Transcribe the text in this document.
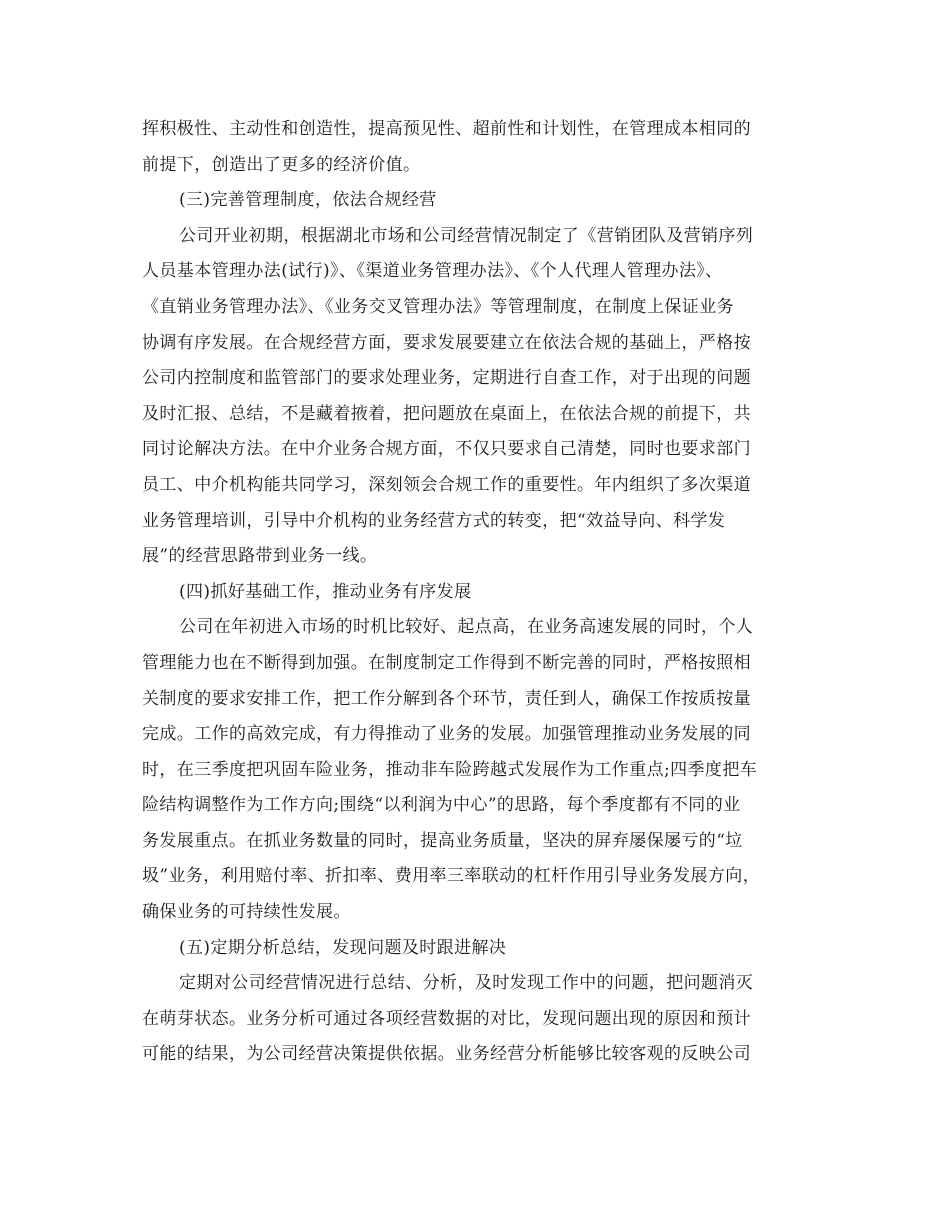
挥积极性、主动性和创造性，提高预见性、超前性和计划性，在管理成本相同的
前提下，创造出了更多的经济价值。
(三)完善管理制度，依法合规经营
公司开业初期，根据湖北市场和公司经营情况制定了《营销团队及营销序列
人员基本管理办法(试行)》、《渠道业务管理办法》、《个人代理人管理办法》、
《直销业务管理办法》、《业务交叉管理办法》等管理制度，在制度上保证业务
协调有序发展。在合规经营方面，要求发展要建立在依法合规的基础上，严格按
公司内控制度和监管部门的要求处理业务，定期进行自查工作，对于出现的问题
及时汇报、总结，不是藏着掖着，把问题放在桌面上，在依法合规的前提下，共
同讨论解决方法。在中介业务合规方面，不仅只要求自己清楚，同时也要求部门
员工、中介机构能共同学习，深刻领会合规工作的重要性。年内组织了多次渠道
业务管理培训，引导中介机构的业务经营方式的转变，把“效益导向、科学发
展”的经营思路带到业务一线。
(四)抓好基础工作，推动业务有序发展
公司在年初进入市场的时机比较好、起点高，在业务高速发展的同时，个人
管理能力也在不断得到加强。在制度制定工作得到不断完善的同时，严格按照相
关制度的要求安排工作，把工作分解到各个环节，责任到人，确保工作按质按量
完成。工作的高效完成，有力得推动了业务的发展。加强管理推动业务发展的同
时，在三季度把巩固车险业务，推动非车险跨越式发展作为工作重点;四季度把车
险结构调整作为工作方向;围绕“以利润为中心”的思路，每个季度都有不同的业
务发展重点。在抓业务数量的同时，提高业务质量，坚决的屏弃屡保屡亏的“垃
圾”业务，利用赔付率、折扣率、费用率三率联动的杠杆作用引导业务发展方向，
确保业务的可持续性发展。
(五)定期分析总结，发现问题及时跟进解决
定期对公司经营情况进行总结、分析，及时发现工作中的问题，把问题消灭
在萌芽状态。业务分析可通过各项经营数据的对比，发现问题出现的原因和预计
可能的结果，为公司经营决策提供依据。业务经营分析能够比较客观的反映公司
